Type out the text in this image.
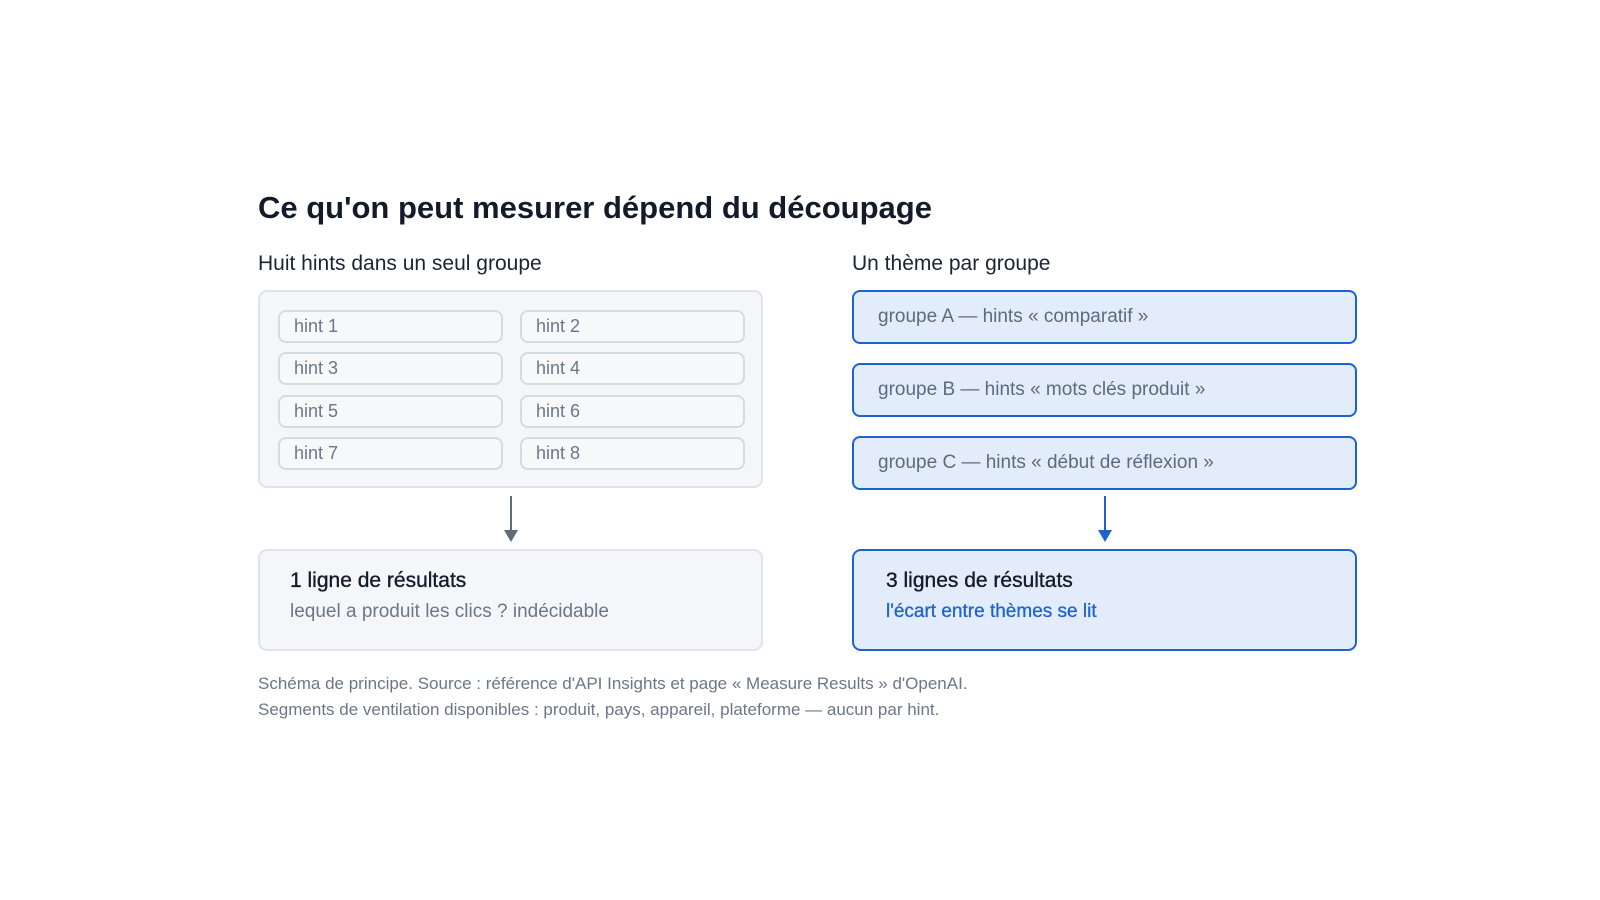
Ce qu'on peut mesurer dépend du découpage
Huit hints dans un seul groupe	Un thème par groupe
hint 1	hint 2
hint 3	hint 4
hint 5	hint 6
hint 7	hint 8
groupe A — hints « comparatif »
groupe B — hints « mots clés produit »
groupe C — hints « début de réflexion »
1 ligne de résultats
lequel a produit les clics ? indécidable
3 lignes de résultats
l'écart entre thèmes se lit
Schéma de principe. Source : référence d'API Insights et page « Measure Results » d'OpenAI.
Segments de ventilation disponibles : produit, pays, appareil, plateforme — aucun par hint.
